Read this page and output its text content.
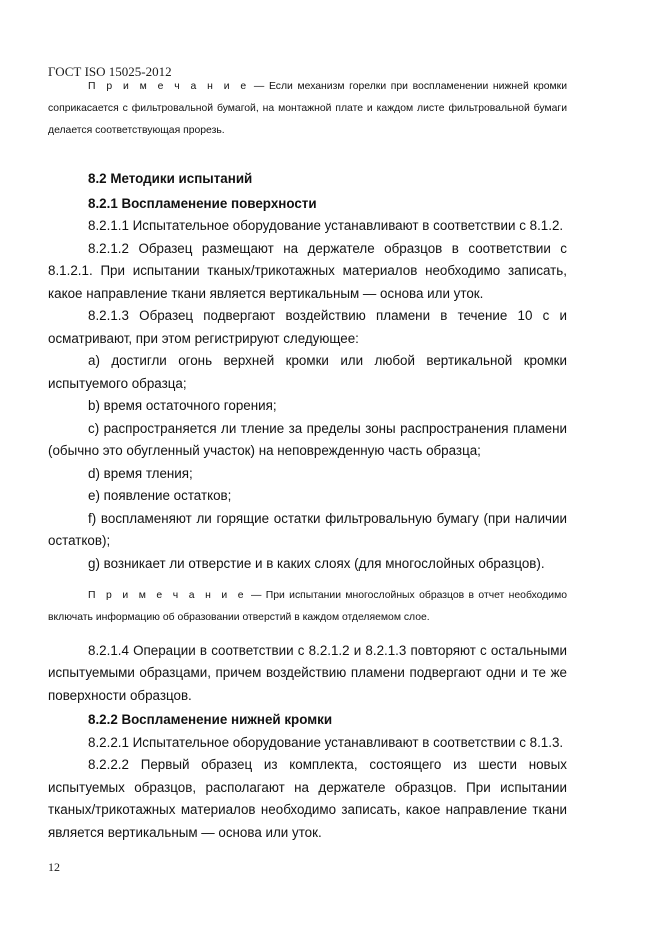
ГОСТ ISO 15025-2012

П р и м е ч а н и е — Если механизм горелки при воспламенении нижней кромки соприкасается с фильтровальной бумагой, на монтажной плате и каждом листе фильтровальной бумаги делается соответствующая прорезь.

8.2 Методики испытаний

8.2.1 Воспламенение поверхности

8.2.1.1 Испытательное оборудование устанавливают в соответствии с 8.1.2.

8.2.1.2 Образец размещают на держателе образцов в соответствии с 8.1.2.1. При испытании тканых/трикотажных материалов необходимо записать, какое направление ткани является вертикальным — основа или уток.

8.2.1.3 Образец подвергают воздействию пламени в течение 10 с и осматривают, при этом регистрируют следующее:

a) достигли огонь верхней кромки или любой вертикальной кромки испытуемого образца;

b) время остаточного горения;

c) распространяется ли тление за пределы зоны распространения пламени (обычно это обугленный участок) на неповрежденную часть образца;

d) время тления;

e) появление остатков;

f) воспламеняют ли горящие остатки фильтровальную бумагу (при наличии остатков);

g) возникает ли отверстие и в каких слоях (для многослойных образцов).

П р и м е ч а н и е — При испытании многослойных образцов в отчет необходимо включать информацию об образовании отверстий в каждом отделяемом слое.

8.2.1.4 Операции в соответствии с 8.2.1.2 и 8.2.1.3 повторяют с остальными испытуемыми образцами, причем воздействию пламени подвергают одни и те же поверхности образцов.

8.2.2 Воспламенение нижней кромки

8.2.2.1 Испытательное оборудование устанавливают в соответствии с 8.1.3.

8.2.2.2 Первый образец из комплекта, состоящего из шести новых испытуемых образцов, располагают на держателе образцов. При испытании тканых/трикотажных материалов необходимо записать, какое направление ткани является вертикальным — основа или уток.

12
